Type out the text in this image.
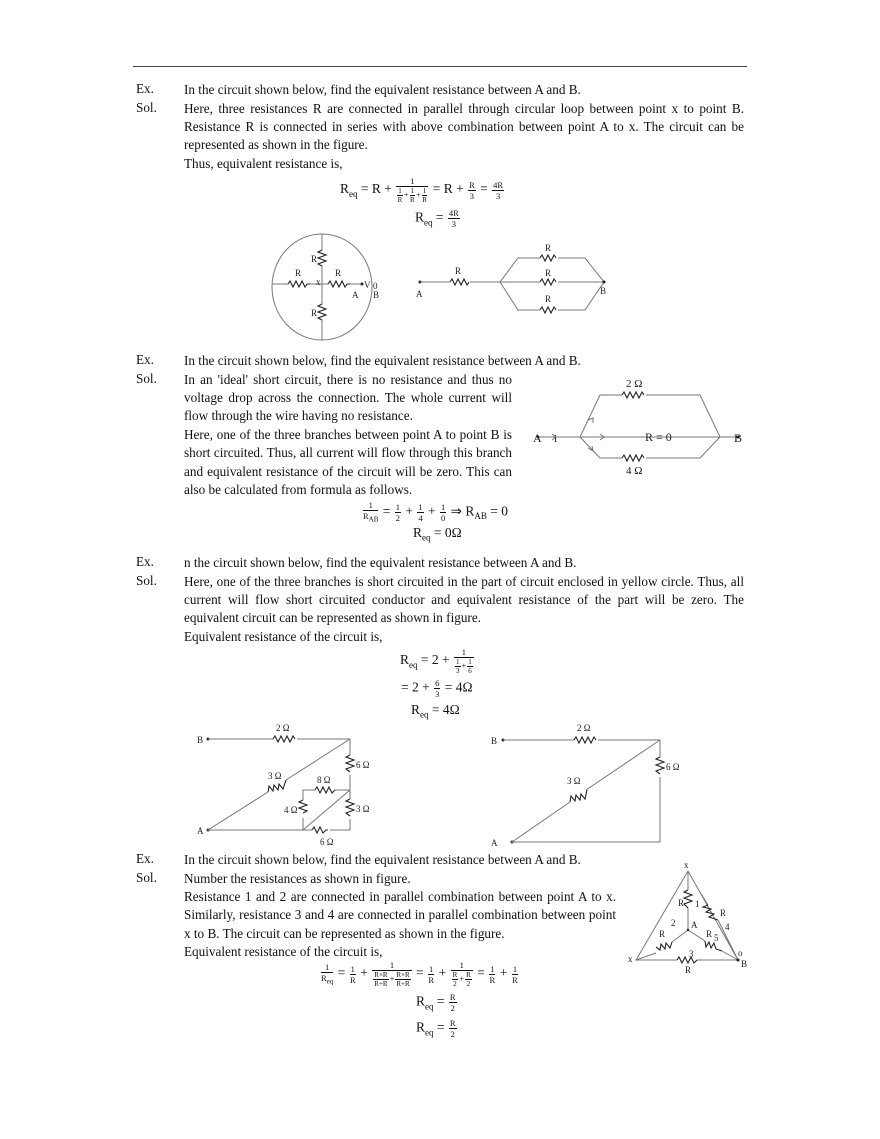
Ex. In the circuit shown below, find the equivalent resistance between A and B.
Sol. Here, three resistances R are connected in parallel through circular loop between point x to point B. Resistance R is connected in series with above combination between point A to x. The circuit can be represented as shown in the figure.

Thus, equivalent resistance is,

$R_{eq} = R + \frac{1}{\frac{1}{R} + \frac{1}{R} + \frac{1}{R}} = R + \frac{R}{3} = \frac{4R}{3}$
$R_{eq} = \frac{4R}{3}$
R
R
R	R
x	V
A
0
B
R
R
R
R
A	B
Ex. In the circuit shown below, find the equivalent resistance between A and B.
Sol. In an 'ideal' short circuit, there is no resistance and thus no voltage drop across the connection. The whole current will flow through the wire having no resistance.

Here, one of the three branches between point A to point B is short circuited. Thus, all current will flow through this branch and equivalent resistance of the circuit will be zero. This can also be calculated from formula as follows.

$\frac{1}{R_{AB}} = \frac{1}{2} + \frac{1}{4} + \frac{1}{0}$ ⇒ $R_{AB} = 0$
$R_{eq} = 0\Omega$
2 Ω
R = 0
4 Ω
A i	B
Ex. n the circuit shown below, find the equivalent resistance between A and B.
Sol. Here, one of the three branches is short circuited in the part of circuit enclosed in yellow circle. Thus, all current will flow short circuited conductor and equivalent resistance of the part will be zero. The equivalent circuit can be represented as shown in figure.

Equivalent resistance of the circuit is,

$R_{eq} = 2 + \frac{1}{\frac{1}{3} + \frac{1}{6}}$
= $2 + \frac{6}{3} = 4\Omega$
$R_{eq} = 4\Omega$
2 Ω
6 Ω
3 Ω	8 Ω
4 Ω	3 Ω
6 Ω
B
A
2 Ω
6 Ω
3 Ω
B
A
Ex. In the circuit shown below, find the equivalent resistance between A and B.
Sol. Number the resistances as shown in figure.

Resistance 1 and 2 are connected in parallel combination between point A to x. Similarly, resistance 3 and 4 are connected in parallel combination between point x to B. The circuit can be represented as shown in the figure.

Equivalent resistance of the circuit is,

$\frac{1}{R_{eq}} = \frac{1}{R} + \frac{1}{\frac{R\times R}{R+R} + \frac{R\times R}{R+R}} = \frac{1}{R} + \frac{1}{\frac{R}{2} + \frac{R}{2}} = \frac{1}{R} + \frac{1}{R}$
$R_{eq} = \frac{R}{2}$
$R_{eq} = \frac{R}{2}$
x
x
A
B
o
R
R
R	R
R
1
2
3
4
5
